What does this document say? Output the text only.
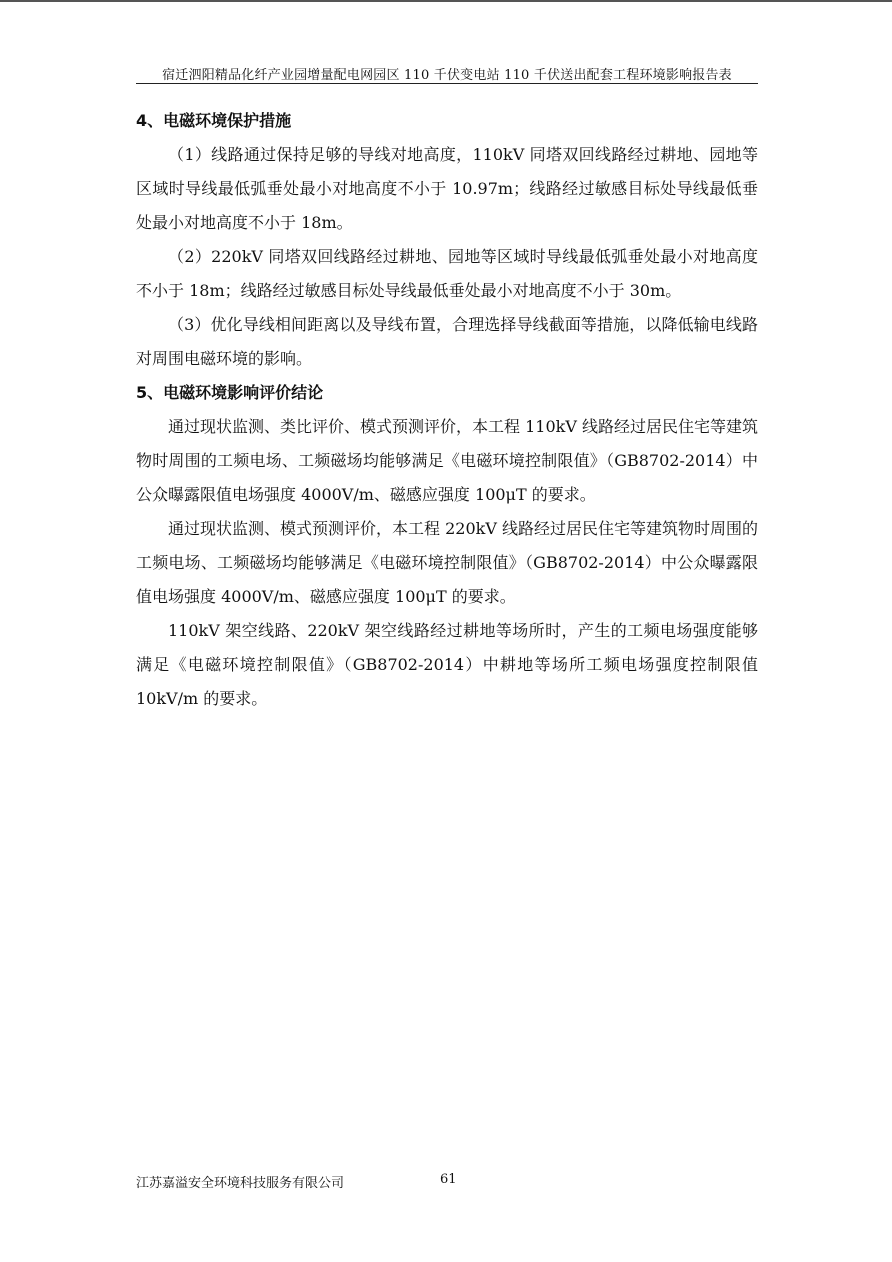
宿迁泗阳精品化纤产业园增量配电网园区 110 千伏变电站 110 千伏送出配套工程环境影响报告表

4、电磁环境保护措施

（1）线路通过保持足够的导线对地高度，110kV 同塔双回线路经过耕地、园地等区域时导线最低弧垂处最小对地高度不小于 10.97m；线路经过敏感目标处导线最低垂处最小对地高度不小于 18m。

（2）220kV 同塔双回线路经过耕地、园地等区域时导线最低弧垂处最小对地高度不小于 18m；线路经过敏感目标处导线最低垂处最小对地高度不小于 30m。

（3）优化导线相间距离以及导线布置，合理选择导线截面等措施，以降低输电线路对周围电磁环境的影响。

5、电磁环境影响评价结论

通过现状监测、类比评价、模式预测评价，本工程 110kV 线路经过居民住宅等建筑物时周围的工频电场、工频磁场均能够满足《电磁环境控制限值》（GB8702-2014）中公众曝露限值电场强度 4000V/m、磁感应强度 100μT 的要求。

通过现状监测、模式预测评价，本工程 220kV 线路经过居民住宅等建筑物时周围的工频电场、工频磁场均能够满足《电磁环境控制限值》（GB8702-2014）中公众曝露限值电场强度 4000V/m、磁感应强度 100μT 的要求。

110kV 架空线路、220kV 架空线路经过耕地等场所时，产生的工频电场强度能够满足《电磁环境控制限值》（GB8702-2014）中耕地等场所工频电场强度控制限值 10kV/m 的要求。

江苏嘉溢安全环境科技服务有限公司	61
